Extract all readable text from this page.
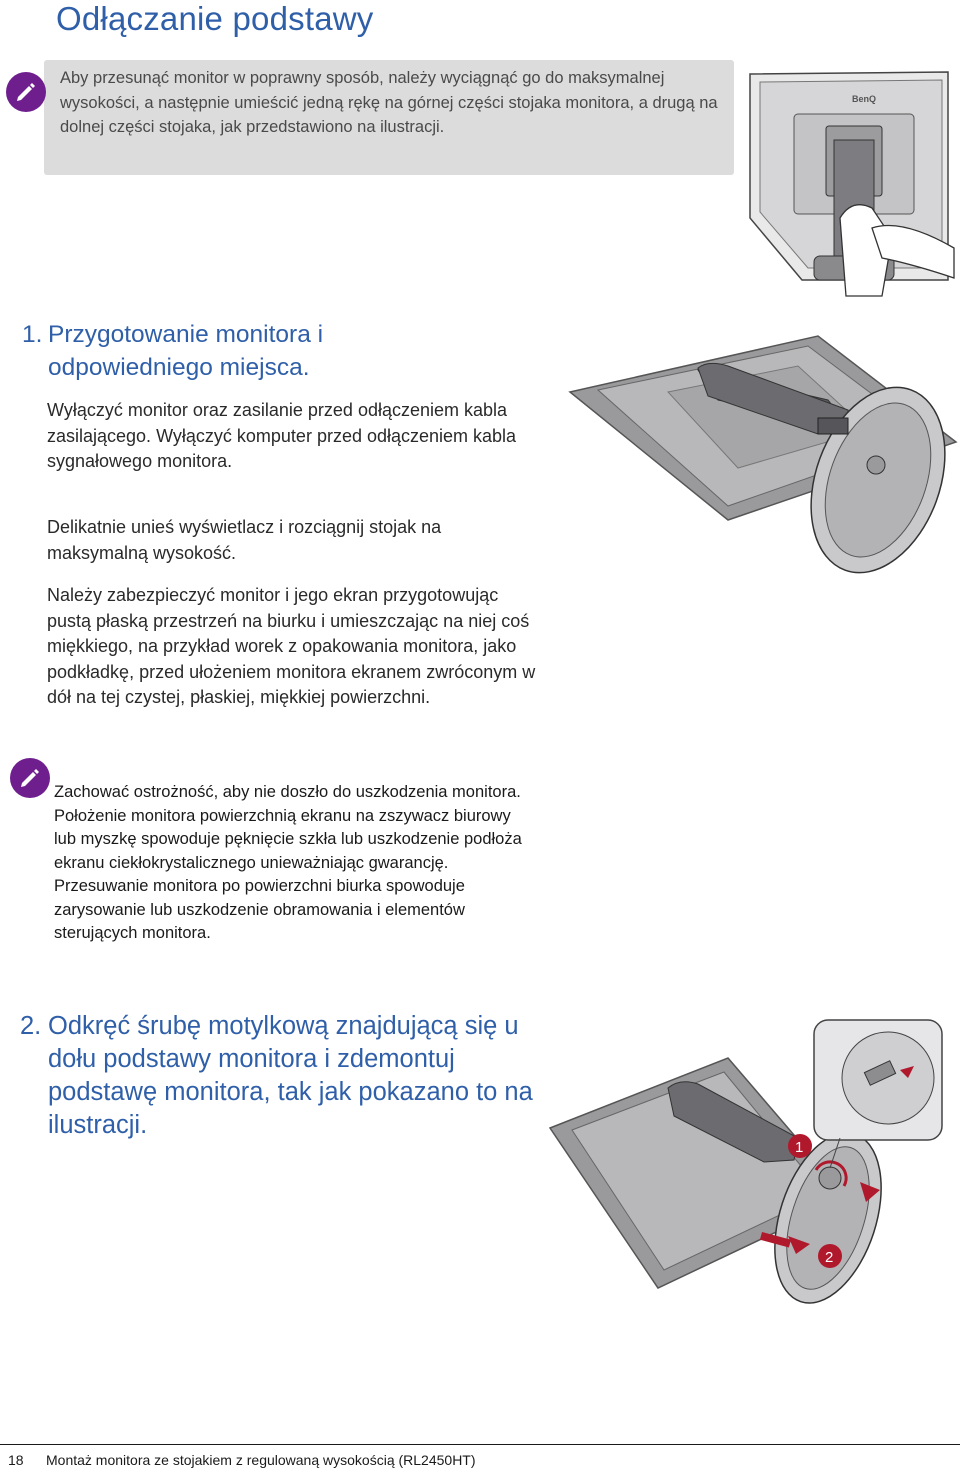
Odłączanie podstawy
Aby przesunąć monitor w poprawny sposób, należy wyciągnąć go do maksymalnej wysokości, a następnie umieścić jedną rękę na górnej części stojaka monitora, a drugą na dolnej części stojaka, jak przedstawiono na ilustracji.
BenQ
1. Przygotowanie monitora i odpowiedniego miejsca.
Wyłączyć monitor oraz zasilanie przed odłączeniem kabla zasilającego. Wyłączyć komputer przed odłączeniem kabla sygnałowego monitora.
Delikatnie unieś wyświetlacz i rozciągnij stojak na maksymalną wysokość.
Należy zabezpieczyć monitor i jego ekran przygotowując pustą płaską przestrzeń na biurku i umieszczając na niej coś miękkiego, na przykład worek z opakowania monitora, jako podkładkę, przed ułożeniem monitora ekranem zwróconym w dół na tej czystej, płaskiej, miękkiej powierzchni.
Zachować ostrożność, aby nie doszło do uszkodzenia monitora. Położenie monitora powierzchnią ekranu na zszywacz biurowy lub myszkę spowoduje pęknięcie szkła lub uszkodzenie podłoża ekranu ciekłokrystalicznego unieważniając gwarancję. Przesuwanie monitora po powierzchni biurka spowoduje zarysowanie lub uszkodzenie obramowania i elementów sterujących monitora.
2. Odkręć śrubę motylkową znajdującą się u dołu podstawy monitora i zdemontuj podstawę monitora, tak jak pokazano to na ilustracji.
1
2
18 Montaż monitora ze stojakiem z regulowaną wysokością (RL2450HT)
